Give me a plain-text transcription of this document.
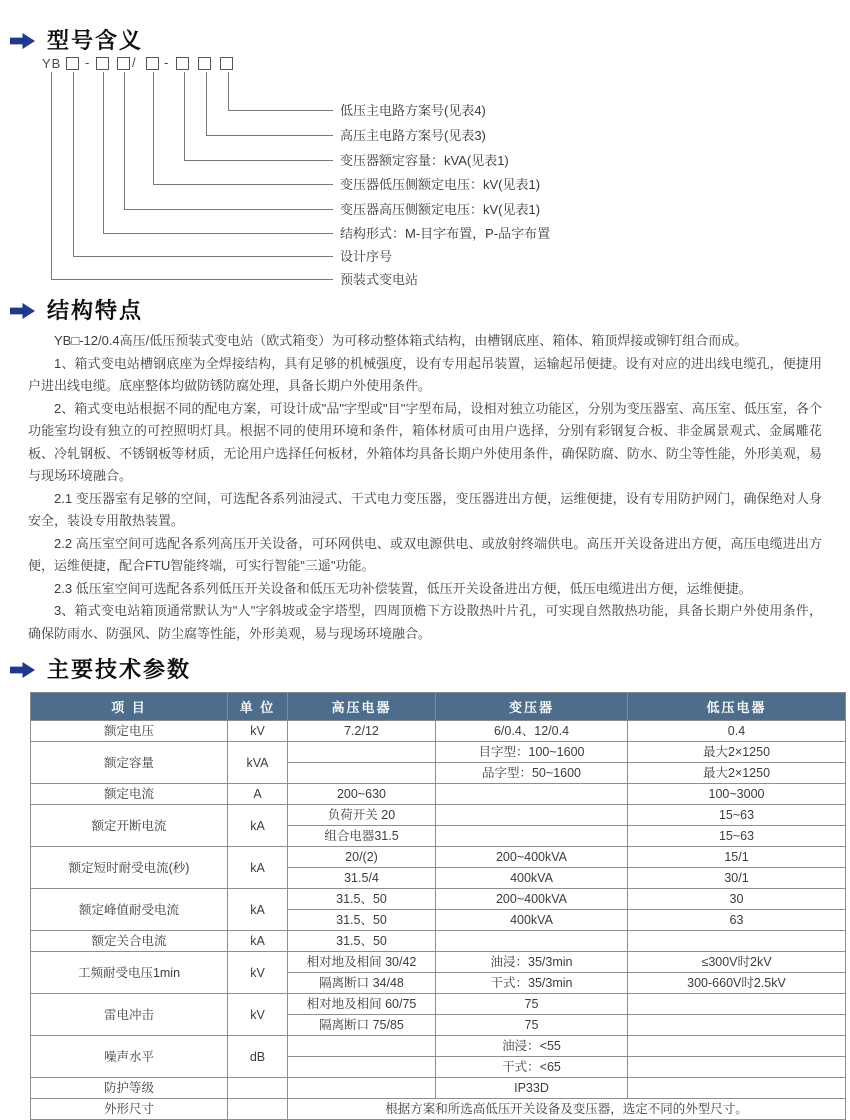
型号含义
YB -	/ -
低压主电路方案号(见表4)
高压主电路方案号(见表3)
变压器额定容量：kVA(见表1)
变压器低压侧额定电压：kV(见表1)
变压器高压侧额定电压：kV(见表1)
结构形式：M-目字布置，P-品字布置
设计序号
预装式变电站
结构特点

YB□-12/0.4高压/低压预装式变电站（欧式箱变）为可移动整体箱式结构，由槽钢底座、箱体、箱顶焊接或铆钉组合而成。

1、箱式变电站槽钢底座为全焊接结构，具有足够的机械强度，设有专用起吊装置，运输起吊便捷。设有对应的进出线电缆孔，便捷用户进出线电缆。底座整体均做防锈防腐处理，具备长期户外使用条件。

2、箱式变电站根据不同的配电方案，可设计成"品"字型或"目"字型布局，设相对独立功能区，分别为变压器室、高压室、低压室，各个功能室均设有独立的可控照明灯具。根据不同的使用环境和条件，箱体材质可由用户选择，分别有彩钢复合板、非金属景观式、金属雕花板、冷轧钢板、不锈钢板等材质，无论用户选择任何板材，外箱体均具备长期户外使用条件，确保防腐、防水、防尘等性能，外形美观，易与现场环境融合。

2.1 变压器室有足够的空间，可选配各系列油浸式、干式电力变压器，变压器进出方便，运维便捷，设有专用防护网门，确保绝对人身安全，装设专用散热装置。

2.2 高压室空间可选配各系列高压开关设备，可环网供电、或双电源供电、或放射终端供电。高压开关设备进出方便，高压电缆进出方便，运维便捷，配合FTU智能终端，可实行智能"三遥"功能。

2.3 低压室空间可选配各系列低压开关设备和低压无功补偿装置，低压开关设备进出方便，低压电缆进出方便，运维便捷。

3、箱式变电站箱顶通常默认为"人"字斜坡或金字塔型，四周顶檐下方设散热叶片孔，可实现自然散热功能，具备长期户外使用条件，确保防雨水、防强风、防尘腐等性能，外形美观，易与现场环境融合。

主要技术参数
项 目	单 位	高压电器	变压器	低压电器
额定电压	kV	7.2/12	6/0.4、12/0.4	0.4
额定容量	kVA		目字型：100~1600	最大2×1250
			品字型：50~1600	最大2×1250
额定电流	A	200~630		100~3000
额定开断电流	kA	负荷开关 20		15~63
		组合电器31.5		15~63
额定短时耐受电流(秒)	kA	20/(2)	200~400kVA	15/1
		31.5/4	400kVA	30/1
额定峰值耐受电流	kA	31.5、50	200~400kVA	30
		31.5、50	400kVA	63
额定关合电流	kA	31.5、50		
工频耐受电压1min	kV	相对地及相间 30/42	油浸：35/3min	≤300V时2kV
		隔离断口 34/48	干式：35/3min	300-660V时2.5kV
雷电冲击	kV	相对地及相间 60/75	75	
		隔离断口 75/85	75	
噪声水平	dB		油浸：<55	
			干式：<65	
防护等级			IP33D	
外形尺寸		根据方案和所选高低压开关设备及变压器，选定不同的外型尺寸。		
